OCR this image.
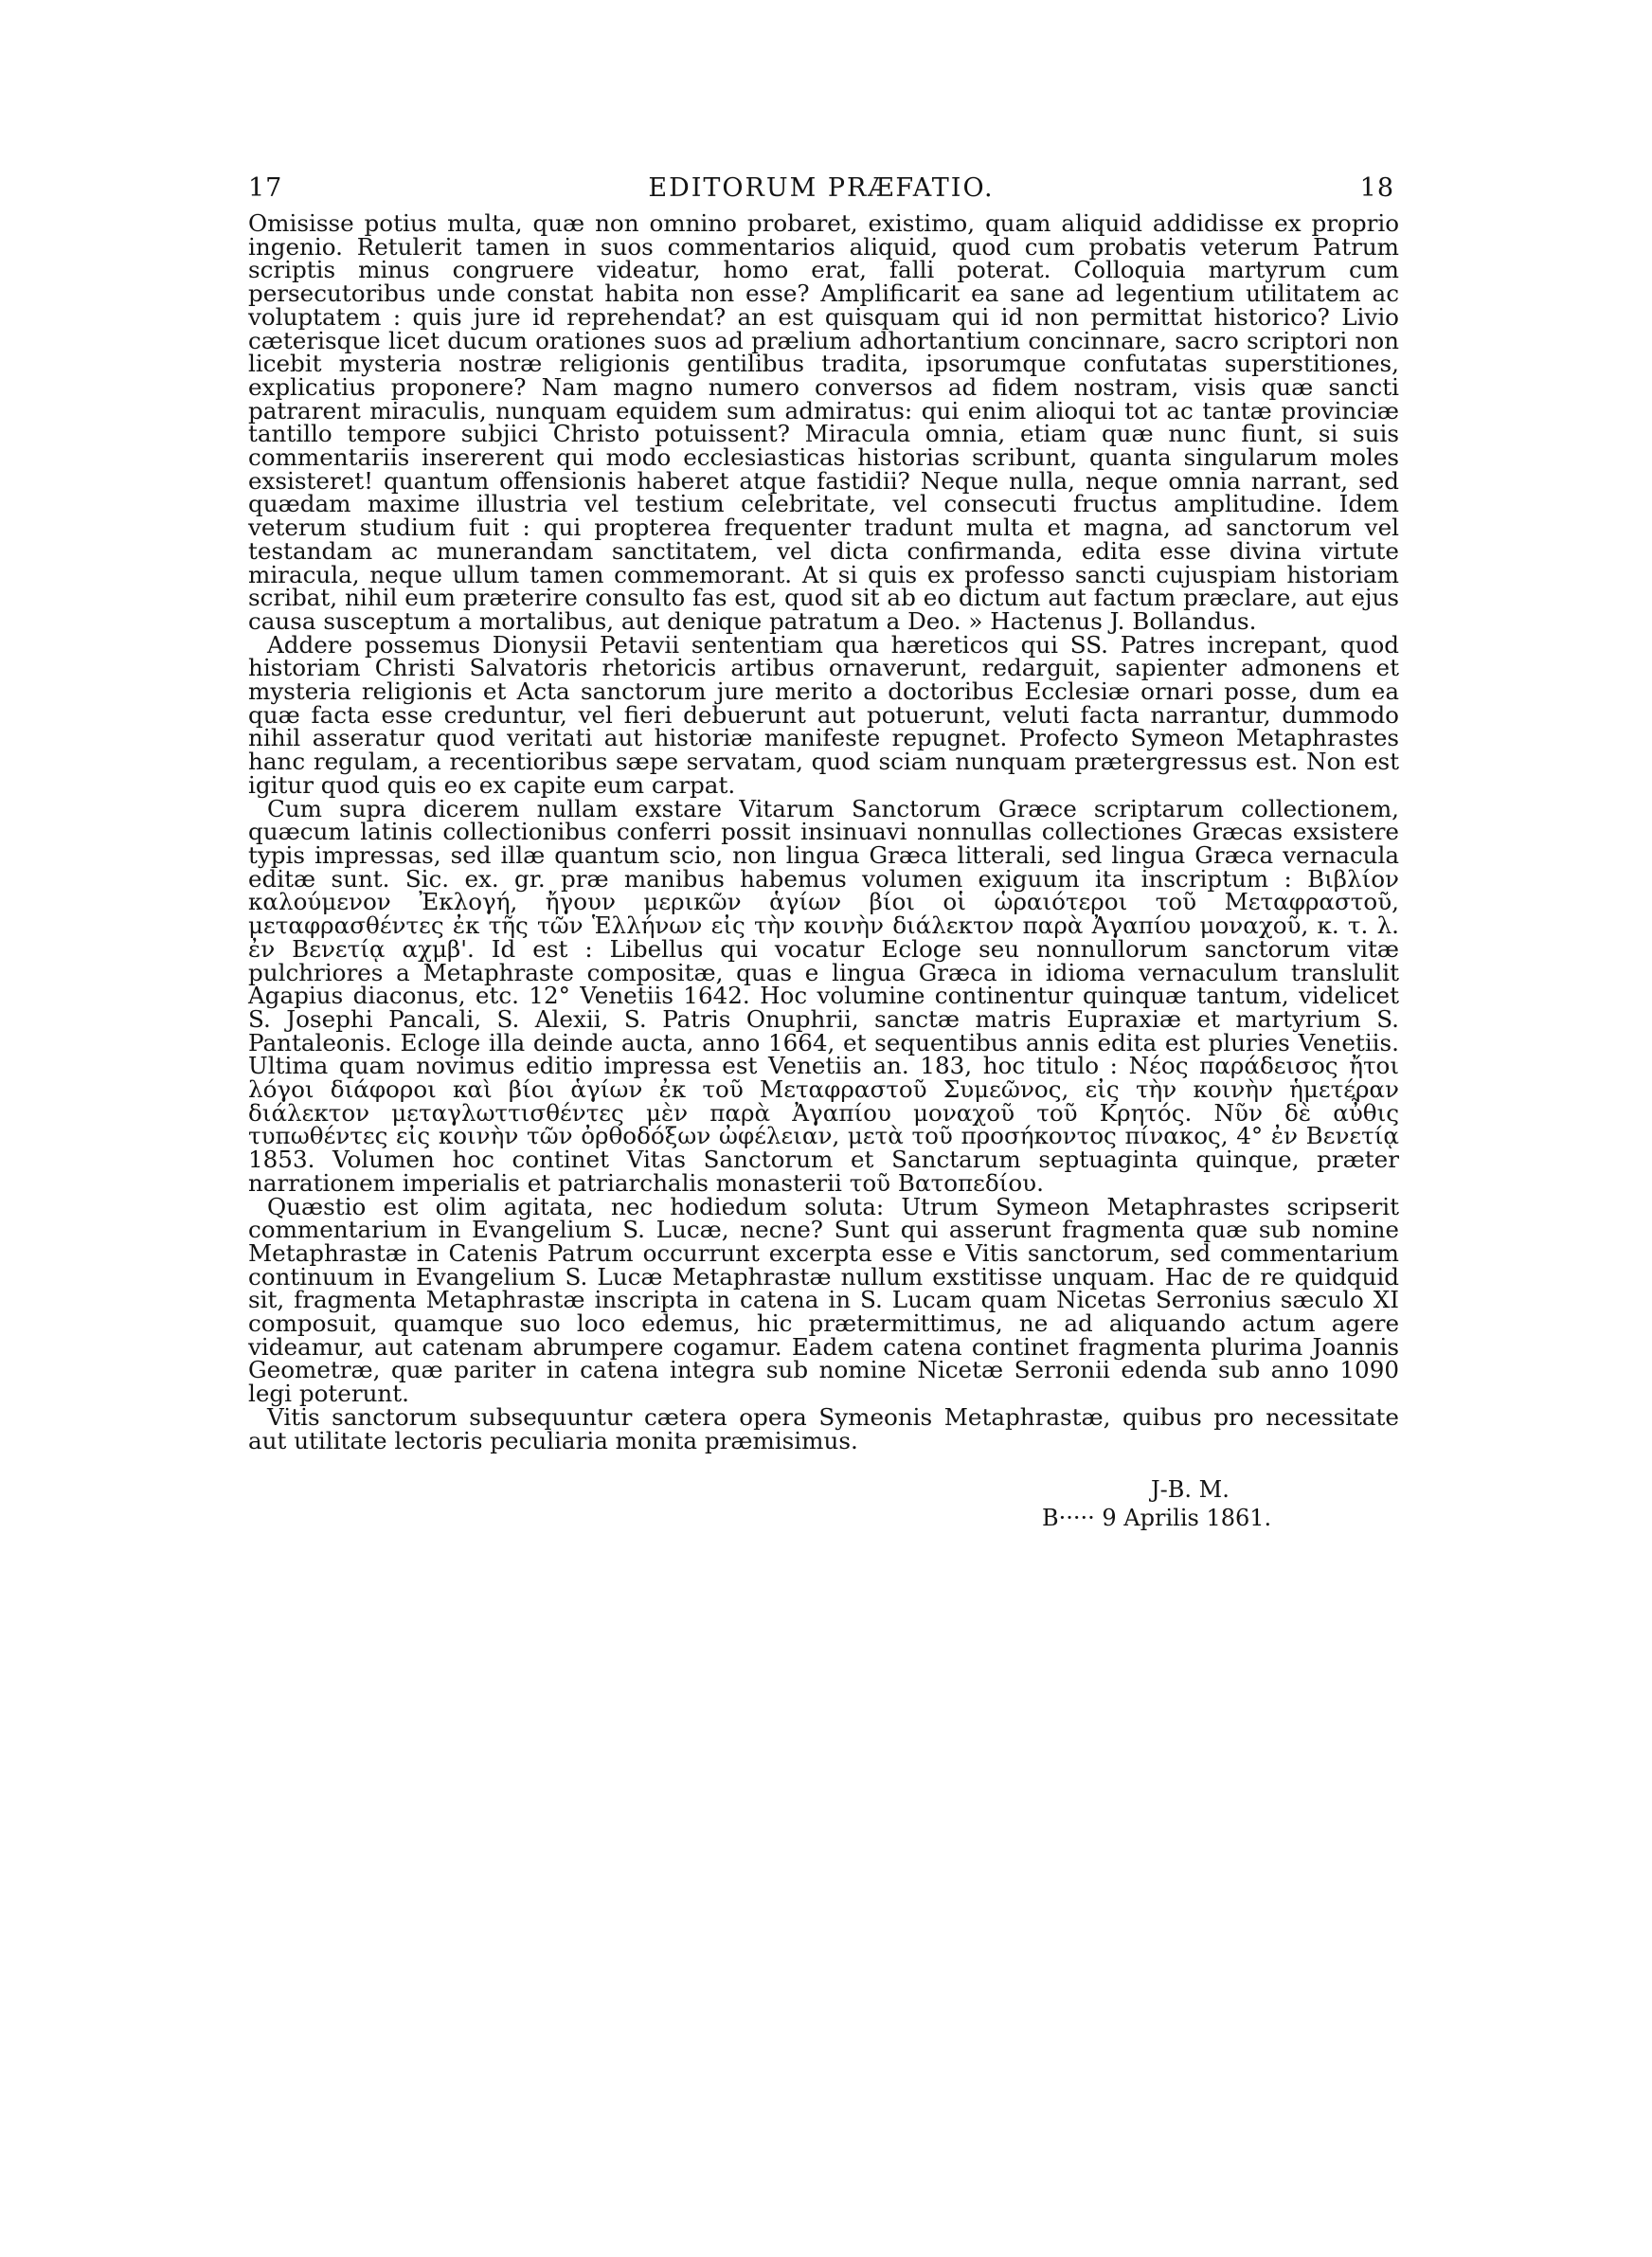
17	EDITORUM PRÆFATIO.	18

Omisisse potius multa, quæ non omnino probaret, existimo, quam aliquid addidisse ex proprio ingenio. Retulerit tamen in suos commentarios aliquid, quod cum probatis veterum Patrum scriptis minus congruere videatur, homo erat, falli poterat. Colloquia martyrum cum persecutoribus unde constat habita non esse? Amplificarit ea sane ad legentium utilitatem ac voluptatem : quis jure id reprehendat? an est quisquam qui id non permittat historico? Livio cæterisque licet ducum orationes suos ad prælium adhortantium concinnare, sacro scriptori non licebit mysteria nostræ religionis gentilibus tradita, ipsorumque confutatas superstitiones, explicatius proponere? Nam magno numero conversos ad fidem nostram, visis quæ sancti patrarent miraculis, nunquam equidem sum admiratus: qui enim alioqui tot ac tantæ provinciæ tantillo tempore subjici Christo potuissent? Miracula omnia, etiam quæ nunc fiunt, si suis commentariis insererent qui modo ecclesiasticas historias scribunt, quanta singularum moles exsisteret! quantum offensionis haberet atque fastidii? Neque nulla, neque omnia narrant, sed quædam maxime illustria vel testium celebritate, vel consecuti fructus amplitudine. Idem veterum studium fuit : qui propterea frequenter tradunt multa et magna, ad sanctorum vel testandam ac munerandam sanctitatem, vel dicta confirmanda, edita esse divina virtute miracula, neque ullum tamen commemorant. At si quis ex professo sancti cujuspiam historiam scribat, nihil eum præterire consulto fas est, quod sit ab eo dictum aut factum præclare, aut ejus causa susceptum a mortalibus, aut denique patratum a Deo. » Hactenus J. Bollandus.

Addere possemus Dionysii Petavii sententiam qua hæreticos qui SS. Patres increpant, quod historiam Christi Salvatoris rhetoricis artibus ornaverunt, redarguit, sapienter admonens et mysteria religionis et Acta sanctorum jure merito a doctoribus Ecclesiæ ornari posse, dum ea quæ facta esse creduntur, vel fieri debuerunt aut potuerunt, veluti facta narrantur, dummodo nihil asseratur quod veritati aut historiæ manifeste repugnet. Profecto Symeon Metaphrastes hanc regulam, a recentioribus sæpe servatam, quod sciam nunquam prætergressus est. Non est igitur quod quis eo ex capite eum carpat.

Cum supra dicerem nullam exstare Vitarum Sanctorum Græce scriptarum collectionem, quæcum latinis collectionibus conferri possit insinuavi nonnullas collectiones Græcas exsistere typis impressas, sed illæ quantum scio, non lingua Græca litterali, sed lingua Græca vernacula editæ sunt. Sic. ex. gr. præ manibus habemus volumen exiguum ita inscriptum : Βιβλίον καλούμενον Ἐκλογή, ἤγουν μερικῶν ἁγίων βίοι οἱ ὡραιότεροι τοῦ Μεταφραστοῦ, μεταφρασθέντες ἐκ τῆς τῶν Ἑλλήνων εἰς τὴν κοινὴν διάλεκτον παρὰ Ἀγαπίου μοναχοῦ, κ. τ. λ. ἐν Βενετίᾳ αχμβ'. Id est : Libellus qui vocatur Ecloge seu nonnullorum sanctorum vitæ pulchriores a Metaphraste compositæ, quas e lingua Græca in idioma vernaculum translulit Agapius diaconus, etc. 12° Venetiis 1642. Hoc volumine continentur quinquæ tantum, videlicet S. Josephi Pancali, S. Alexii, S. Patris Onuphrii, sanctæ matris Eupraxiæ et martyrium S. Pantaleonis. Ecloge illa deinde aucta, anno 1664, et sequentibus annis edita est pluries Venetiis. Ultima quam novimus editio impressa est Venetiis an. 183, hoc titulo : Νέος παράδεισος ἤτοι λόγοι διάφοροι καὶ βίοι ἁγίων ἐκ τοῦ Μεταφραστοῦ Συμεῶνος, εἰς τὴν κοινὴν ἡμετέραν διάλεκτον μεταγλωττισθέντες μὲν παρὰ Ἀγαπίου μοναχοῦ τοῦ Κρητός. Νῦν δὲ αὖθις τυπωθέντες εἰς κοινὴν τῶν ὀρθοδόξων ὠφέλειαν, μετὰ τοῦ προσήκοντος πίνακος, 4° ἐν Βενετίᾳ 1853. Volumen hoc continet Vitas Sanctorum et Sanctarum septuaginta quinque, præter narrationem imperialis et patriarchalis monasterii τοῦ Βατοπεδίου.

Quæstio est olim agitata, nec hodiedum soluta: Utrum Symeon Metaphrastes scripserit commentarium in Evangelium S. Lucæ, necne? Sunt qui asserunt fragmenta quæ sub nomine Metaphrastæ in Catenis Patrum occurrunt excerpta esse e Vitis sanctorum, sed commentarium continuum in Evangelium S. Lucæ Metaphrastæ nullum exstitisse unquam. Hac de re quidquid sit, fragmenta Metaphrastæ inscripta in catena in S. Lucam quam Nicetas Serronius sæculo XI composuit, quamque suo loco edemus, hic prætermittimus, ne ad aliquando actum agere videamur, aut catenam abrumpere cogamur. Eadem catena continet fragmenta plurima Joannis Geometræ, quæ pariter in catena integra sub nomine Nicetæ Serronii edenda sub anno 1090 legi poterunt.

Vitis sanctorum subsequuntur cætera opera Symeonis Metaphrastæ, quibus pro necessitate aut utilitate lectoris peculiaria monita præmisimus.

J-B. M.
B····· 9 Aprilis 1861.
